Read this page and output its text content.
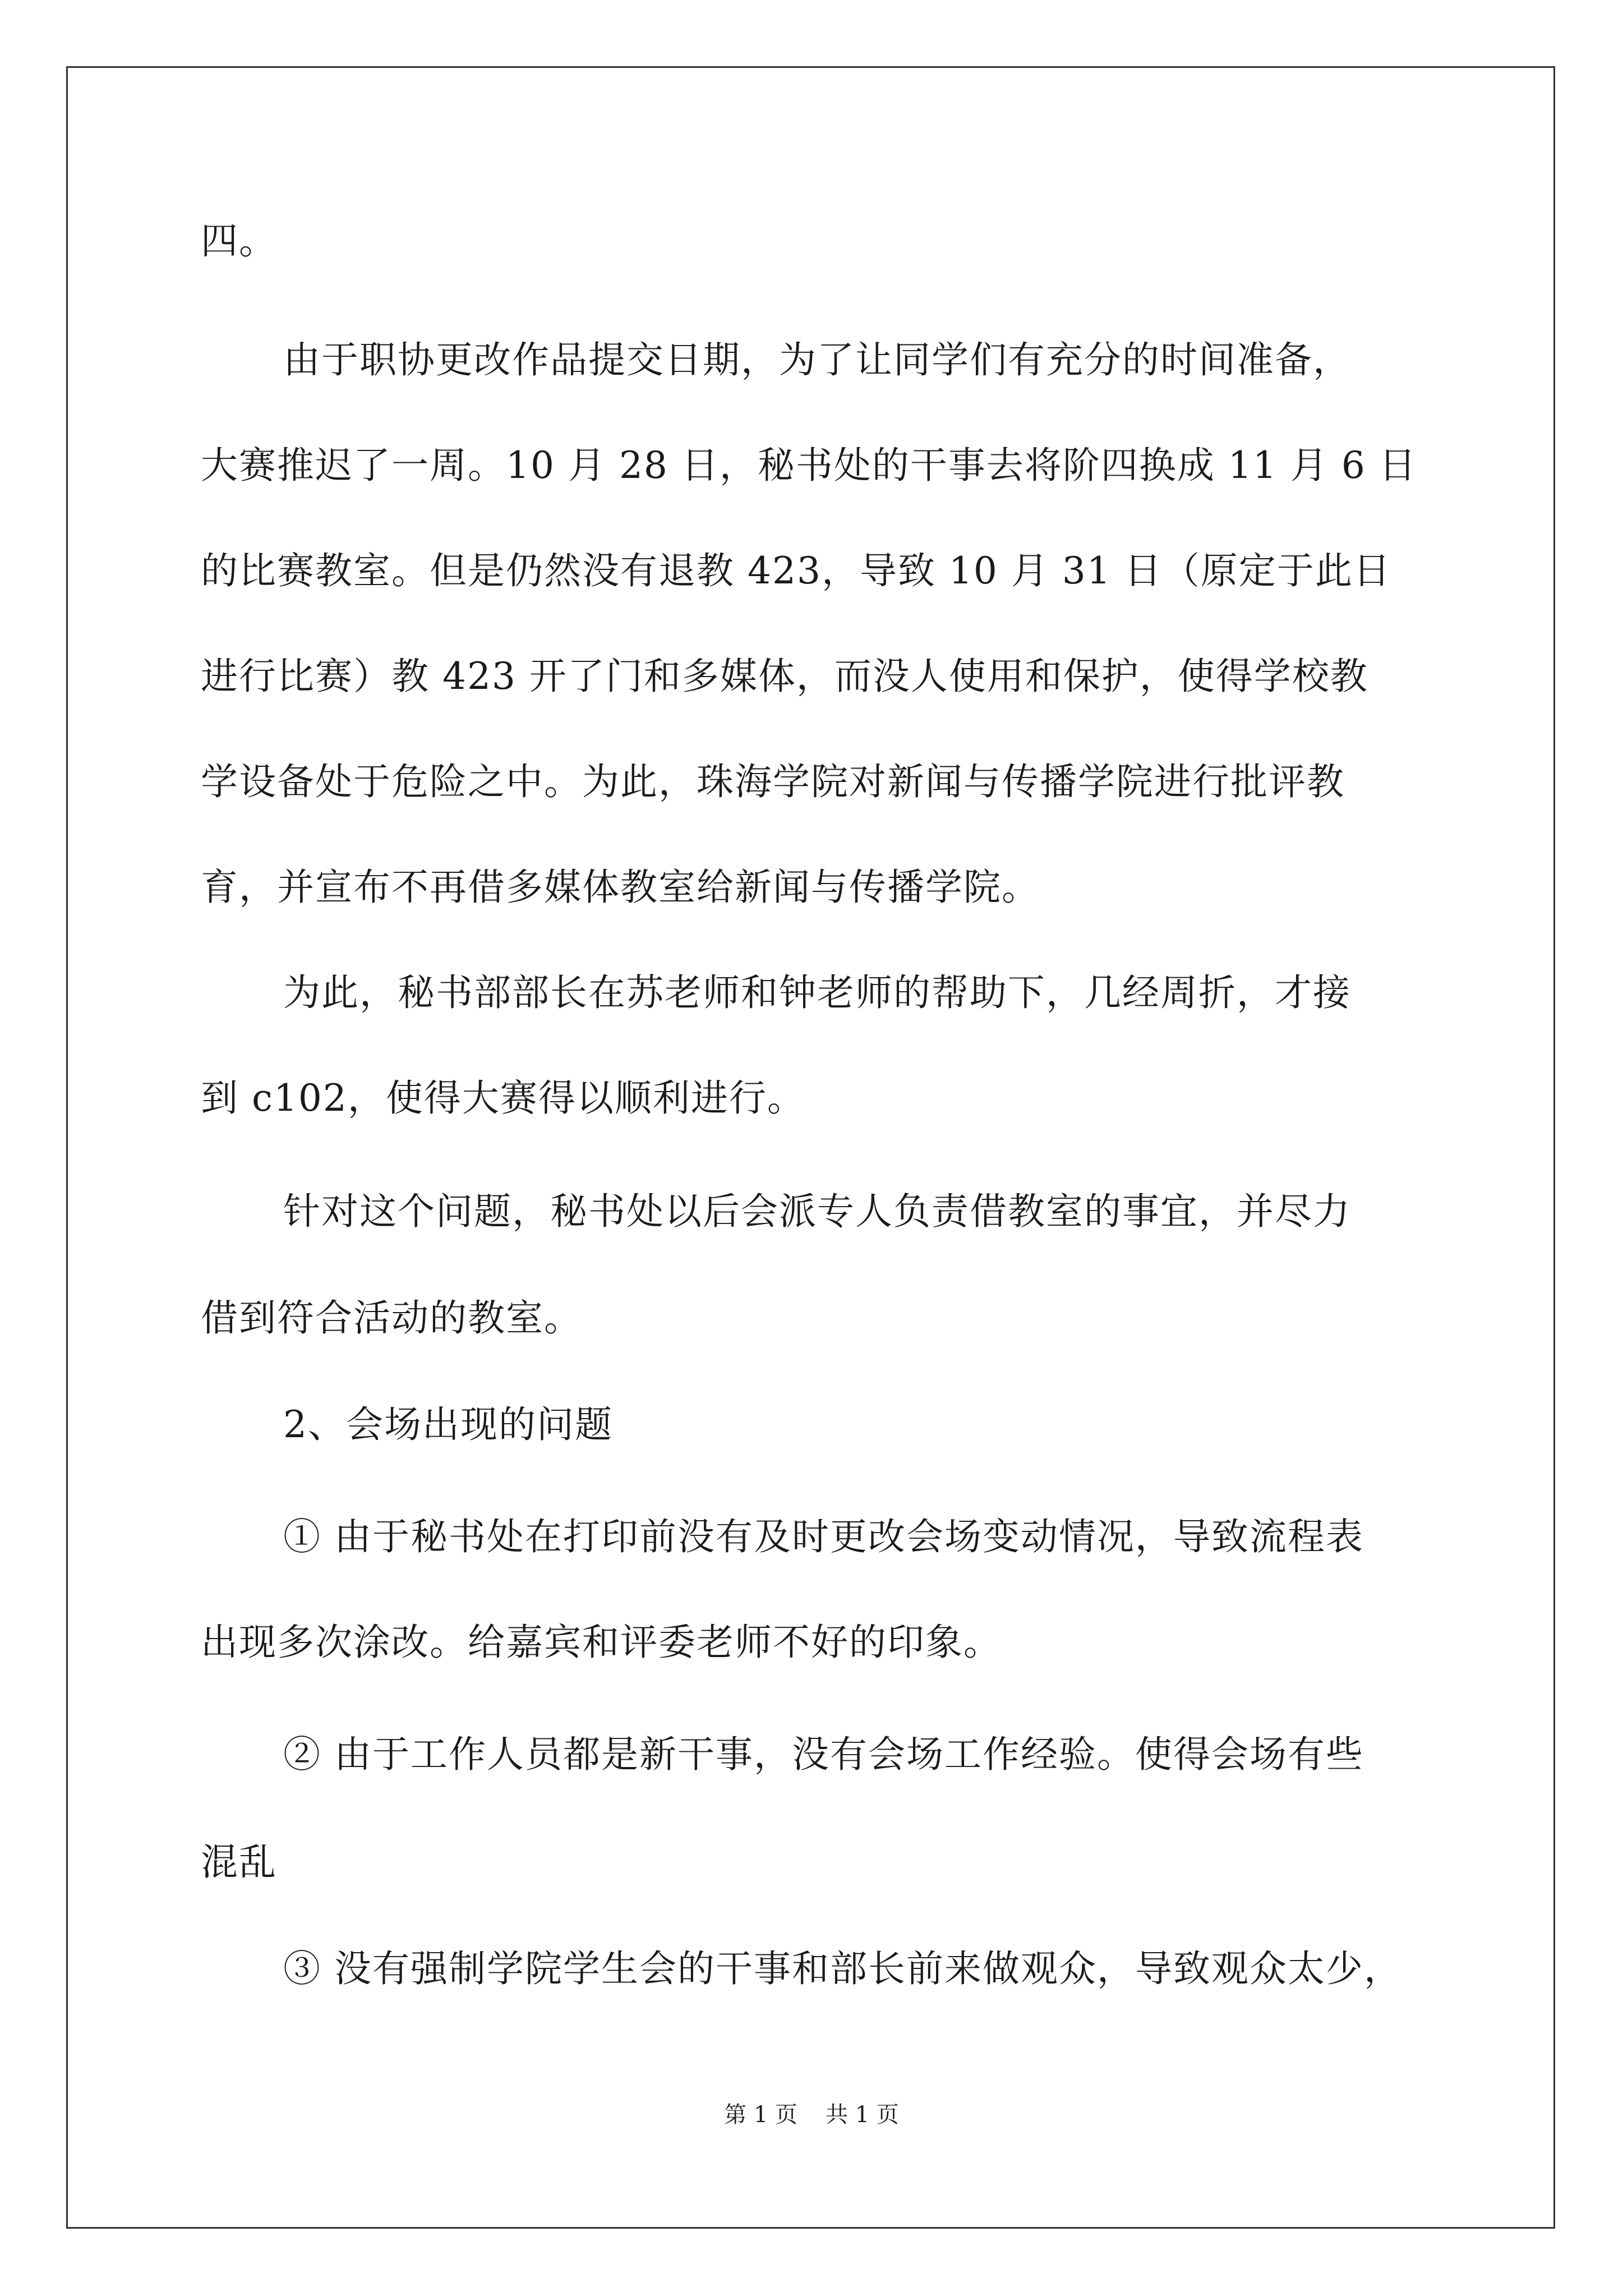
四。
由于职协更改作品提交日期，为了让同学们有充分的时间准备，
大赛推迟了一周。10 月 28 日，秘书处的干事去将阶四换成 11 月 6 日
的比赛教室。但是仍然没有退教 423，导致 10 月 31 日（原定于此日
进行比赛）教 423 开了门和多媒体，而没人使用和保护，使得学校教
学设备处于危险之中。为此，珠海学院对新闻与传播学院进行批评教
育，并宣布不再借多媒体教室给新闻与传播学院。
为此，秘书部部长在苏老师和钟老师的帮助下，几经周折，才接
到 c102，使得大赛得以顺利进行。
针对这个问题，秘书处以后会派专人负责借教室的事宜，并尽力
借到符合活动的教室。
2、会场出现的问题
① 由于秘书处在打印前没有及时更改会场变动情况，导致流程表
出现多次涂改。给嘉宾和评委老师不好的印象。
② 由于工作人员都是新干事，没有会场工作经验。使得会场有些
混乱
③ 没有强制学院学生会的干事和部长前来做观众，导致观众太少，
第 1 页 共 1 页
